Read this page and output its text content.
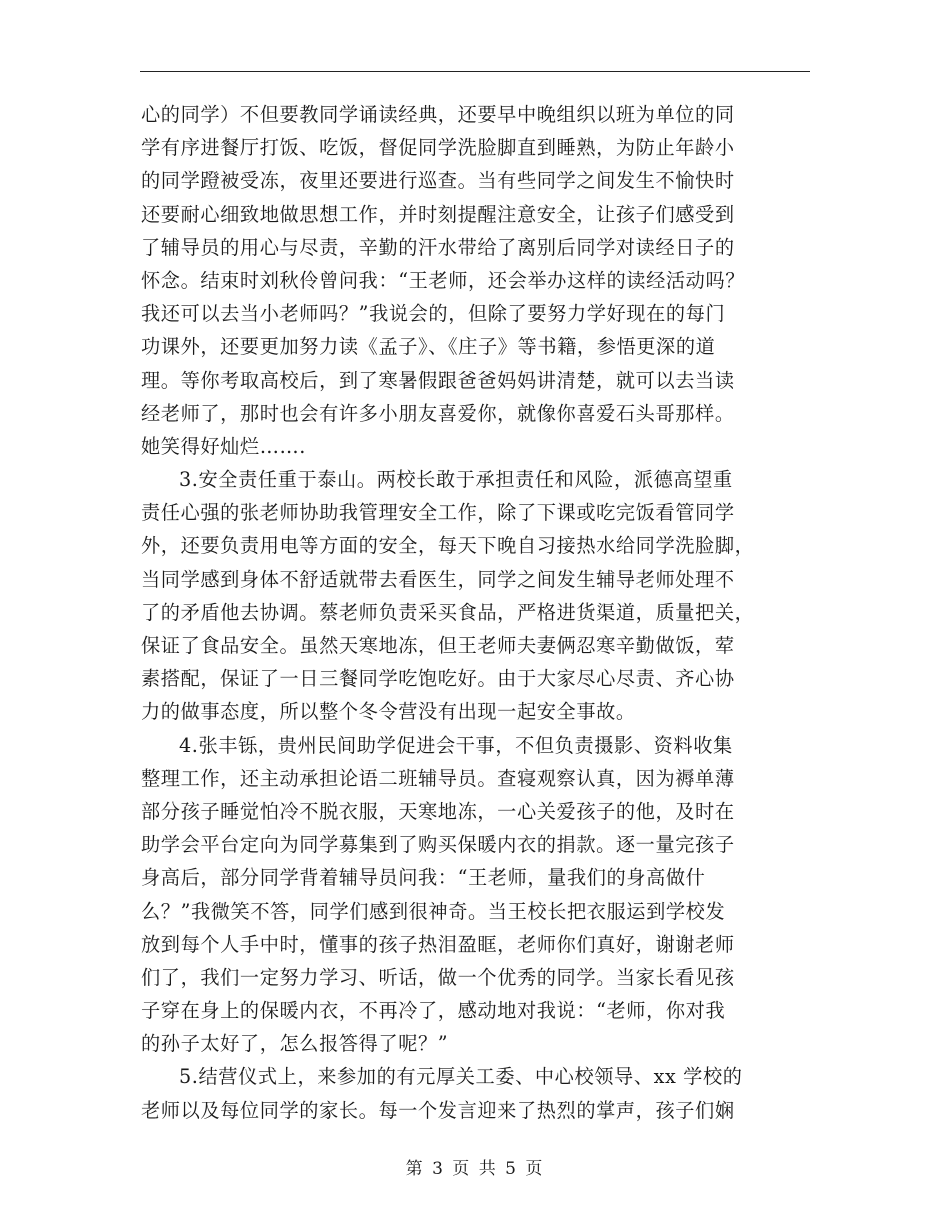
心的同学）不但要教同学诵读经典，还要早中晚组织以班为单位的同
学有序进餐厅打饭、吃饭，督促同学洗脸脚直到睡熟，为防止年龄小
的同学蹬被受冻，夜里还要进行巡查。当有些同学之间发生不愉快时
还要耐心细致地做思想工作，并时刻提醒注意安全，让孩子们感受到
了辅导员的用心与尽责，辛勤的汗水带给了离别后同学对读经日子的
怀念。结束时刘秋伶曾问我：“王老师，还会举办这样的读经活动吗？
我还可以去当小老师吗？”我说会的，但除了要努力学好现在的每门
功课外，还要更加努力读《孟子》、《庄子》等书籍，参悟更深的道
理。等你考取高校后，到了寒暑假跟爸爸妈妈讲清楚，就可以去当读
经老师了，那时也会有许多小朋友喜爱你，就像你喜爱石头哥那样。
她笑得好灿烂…….
3.安全责任重于泰山。两校长敢于承担责任和风险，派德高望重
责任心强的张老师协助我管理安全工作，除了下课或吃完饭看管同学
外，还要负责用电等方面的安全，每天下晚自习接热水给同学洗脸脚，
当同学感到身体不舒适就带去看医生，同学之间发生辅导老师处理不
了的矛盾他去协调。蔡老师负责采买食品，严格进货渠道，质量把关，
保证了食品安全。虽然天寒地冻，但王老师夫妻俩忍寒辛勤做饭，荤
素搭配，保证了一日三餐同学吃饱吃好。由于大家尽心尽责、齐心协
力的做事态度，所以整个冬令营没有出现一起安全事故。
4.张丰铄，贵州民间助学促进会干事，不但负责摄影、资料收集
整理工作，还主动承担论语二班辅导员。查寝观察认真，因为褥单薄
部分孩子睡觉怕冷不脱衣服，天寒地冻，一心关爱孩子的他，及时在
助学会平台定向为同学募集到了购买保暖内衣的捐款。逐一量完孩子
身高后，部分同学背着辅导员问我：“王老师，量我们的身高做什
么？”我微笑不答，同学们感到很神奇。当王校长把衣服运到学校发
放到每个人手中时，懂事的孩子热泪盈眶，老师你们真好，谢谢老师
们了，我们一定努力学习、听话，做一个优秀的同学。当家长看见孩
子穿在身上的保暖内衣，不再冷了，感动地对我说：“老师，你对我
的孙子太好了，怎么报答得了呢？”
5.结营仪式上，来参加的有元厚关工委、中心校领导、xx 学校的
老师以及每位同学的家长。每一个发言迎来了热烈的掌声，孩子们娴
第 3 页 共 5 页
